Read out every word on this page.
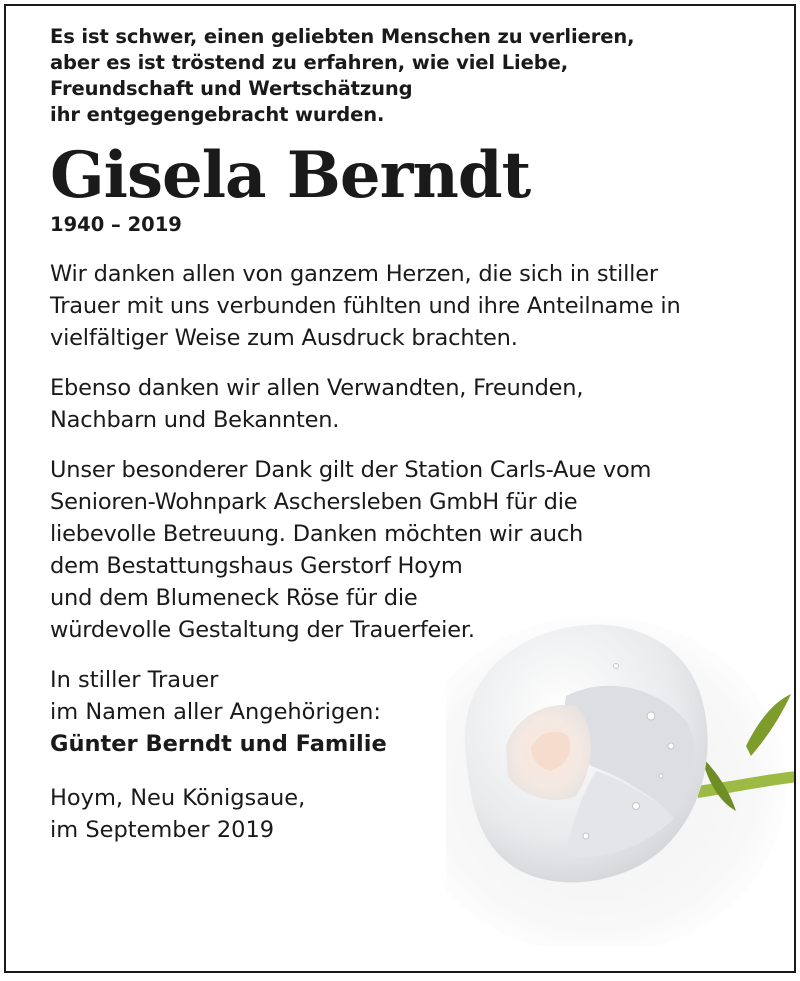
Es ist schwer, einen geliebten Menschen zu verlieren,
aber es ist tröstend zu erfahren, wie viel Liebe,
Freundschaft und Wertschätzung
ihr entgegengebracht wurden.
Gisela Berndt
1940 – 2019
Wir danken allen von ganzem Herzen, die sich in stiller
Trauer mit uns verbunden fühlten und ihre Anteilname in
vielfältiger Weise zum Ausdruck brachten.
Ebenso danken wir allen Verwandten, Freunden,
Nachbarn und Bekannten.
Unser besonderer Dank gilt der Station Carls-Aue vom
Senioren-Wohnpark Aschersleben GmbH für die
liebevolle Betreuung. Danken möchten wir auch
dem Bestattungshaus Gerstorf Hoym
und dem Blumeneck Röse für die
würdevolle Gestaltung der Trauerfeier.
In stiller Trauer
im Namen aller Angehörigen:
Günter Berndt und Familie
Hoym, Neu Königsaue,
im September 2019
